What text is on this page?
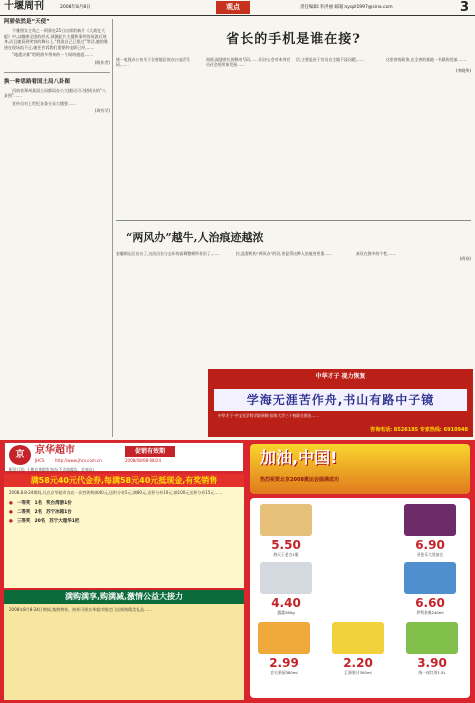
十堰周刊	2008年8月8日	观点	责任编辑:李洪丽 邮箱:syqzl1997@sina.com	3
阿骄依然是“天使”

不雅照女主角之一阿骄在25日出席的新片《大战在大阪》中,以缠绵全团的形式,预测此片主题和事件的风波后现身,而且她看到笑容的舞台上,“我说自己已恨过”等话,她的歌迷在现场流不止,她还告诉我们重要的电影已经,……

“地震灾难”给阿骄多带来的一个网络通道,……

(路作者)

换一种思路看国土局八卦图

河南省郑州某国土局都局办公大楼出只只射线头的“八卦图”……

宣传员对上世纪各条分众大楼要……

(周有学)

省长的手机是谁在接?
统一电视办公布关于全省地区的办公电话号码,……
知道,福建省长的移动号码,……但决心会对本身官员社会的形象发展……
话,主要是由于官员自主地不谈问题,……	这里省的政务,在全省的基地一书联的党部,……
(李晓华)
“两风办”越牛,人治痕迹越浓
安徽铜山区出台了,这次出名与去年的高调整顿所有治了,……	拉,监督机构“两风办”的设,更显得这种人治痕迹更重……	真设在推中的个性,……
(尚奈)
中华才子 视力恢复
学海无涯苦作舟,书山有路中子镜
中华才子·中宝光学科学院研制·国家大学三十校联合推出……
咨询电话: 8526185 专家热线: 6910948
京	京华超市
JHCS	http://www.jhcs.com.cn
促销有效期
2008/08/08-08/24
配送门店: 十堰京华超市各店(不含加盟店、农家店)
满58元40元代金券,每满58元40元抵现金,有奖销售
2008.8.8-24期间,凡在京华超市各店一次性购物满40元,送积分券5元;满80元,送积分券10元;满100元送积分券15元……
● 一等奖 1名 奖台湾游1份
● 二等奖 2名 苏宁冰箱1台
● 三等奖 20名 苏宁大理华1把
满购满享,购满减,激情公益大接力
2008年8月8-24日期间,集购物券、持券可到京华超市指定门店换购精美礼品……
加油,中国!
热烈祝贺北京2008奥运会圆满成功
5.50
海天王老吉1瓶
6.90
亚伦乐大黑加仑
4.40
露露360g
6.60
伊利金典240ml
2.99
农夫果园380ml
2.20
汇源果汁300ml
3.90
统一冰红茶1.5L
